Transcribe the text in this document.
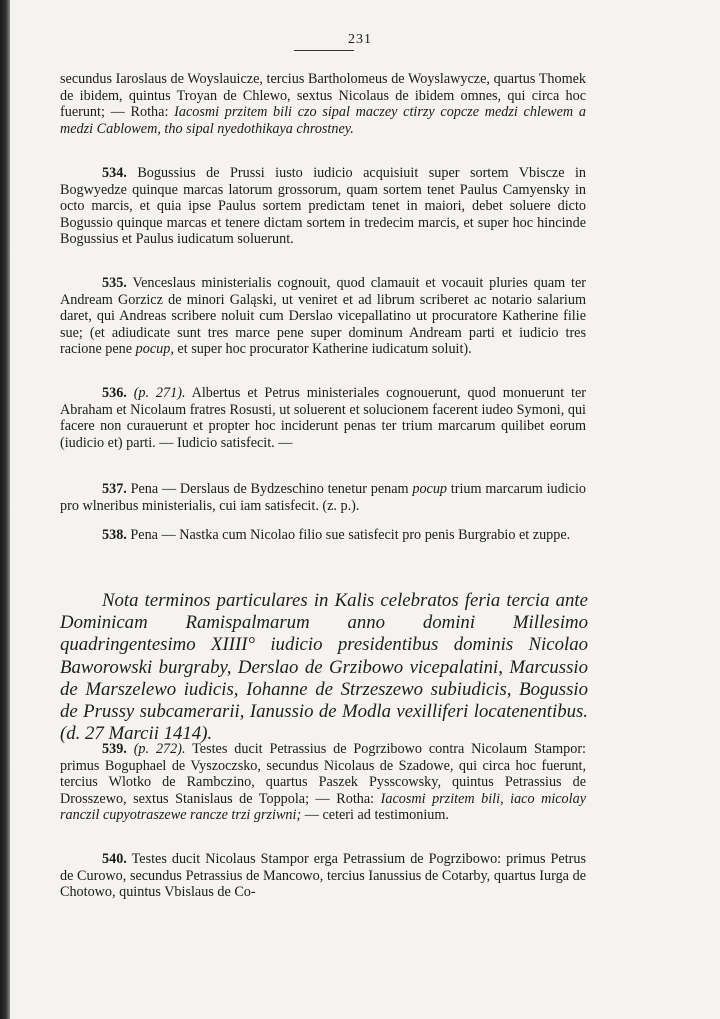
231
secundus Iaroslaus de Woyslauicze, tercius Bartholomeus de Woyslawycze, quartus Thomek de ibidem, quintus Troyan de Chlewo, sextus Nicolaus de ibidem omnes, qui circa hoc fuerunt; — Rotha: Iacosmi przitem bili czo sipal maczey ctirzy copcze medzi chlewem a medzi Cablowem, tho sipal nyedothikaya chrostney.
534. Bogussius de Prussi iusto iudicio acquisiuit super sortem Vbiscze in Bogwyedze quinque marcas latorum grossorum, quam sortem tenet Paulus Camyensky in octo marcis, et quia ipse Paulus sortem predictam tenet in maiori, debet soluere dicto Bogussio quinque marcas et tenere dictam sortem in tredecim marcis, et super hoc hincinde Bogussius et Paulus iudicatum soluerunt.
535. Venceslaus ministerialis cognouit, quod clamauit et vocauit pluries quam ter Andream Gorzicz de minori Galąski, ut veniret et ad librum scriberet ac notario salarium daret, qui Andreas scribere noluit cum Derslao vicepallatino ut procuratore Katherine filie sue; (et adiudicate sunt tres marce pene super dominum Andream parti et iudicio tres racione pene pocup, et super hoc procurator Katherine iudicatum soluit).
536. (p. 271). Albertus et Petrus ministeriales cognouerunt, quod monuerunt ter Abraham et Nicolaum fratres Rosusti, ut soluerent et solucionem facerent iudeo Symoni, qui facere non curauerunt et propter hoc inciderunt penas ter trium marcarum quilibet eorum (iudicio et) parti. — Iudicio satisfecit. —
537. Pena — Derslaus de Bydzeschino tenetur penam pocup trium marcarum iudicio pro wlneribus ministerialis, cui iam satisfecit. (z. p.).
538. Pena — Nastka cum Nicolao filio sue satisfecit pro penis Burgrabio et zuppe.
Nota terminos particulares in Kalis celebratos feria tercia ante Dominicam Ramispalmarum anno domini Millesimo quadringentesimo XIIII° iudicio presidentibus dominis Nicolao Baworowski burgraby, Derslao de Grzibowo vicepalatini, Marcussio de Marszelewo iudicis, Iohanne de Strzeszewo subiudicis, Bogussio de Prussy subcamerarii, Ianussio de Modla vexilliferi locatenentibus. (d. 27 Marcii 1414).
539. (p. 272). Testes ducit Petrassius de Pogrzibowo contra Nicolaum Stampor: primus Boguphael de Vyszoczsko, secundus Nicolaus de Szadowe, qui circa hoc fuerunt, tercius Wlotko de Rambczino, quartus Paszek Pysscowsky, quintus Petrassius de Drosszewo, sextus Stanislaus de Toppola; — Rotha: Iacosmi przitem bili, iaco micolay ranczil cupyotraszewe rancze trzi grziwni; — ceteri ad testimonium.
540. Testes ducit Nicolaus Stampor erga Petrassium de Pogrzibowo: primus Petrus de Curowo, secundus Petrassius de Mancowo, tercius Ianussius de Cotarby, quartus Iurga de Chotowo, quintus Vbislaus de Co-
